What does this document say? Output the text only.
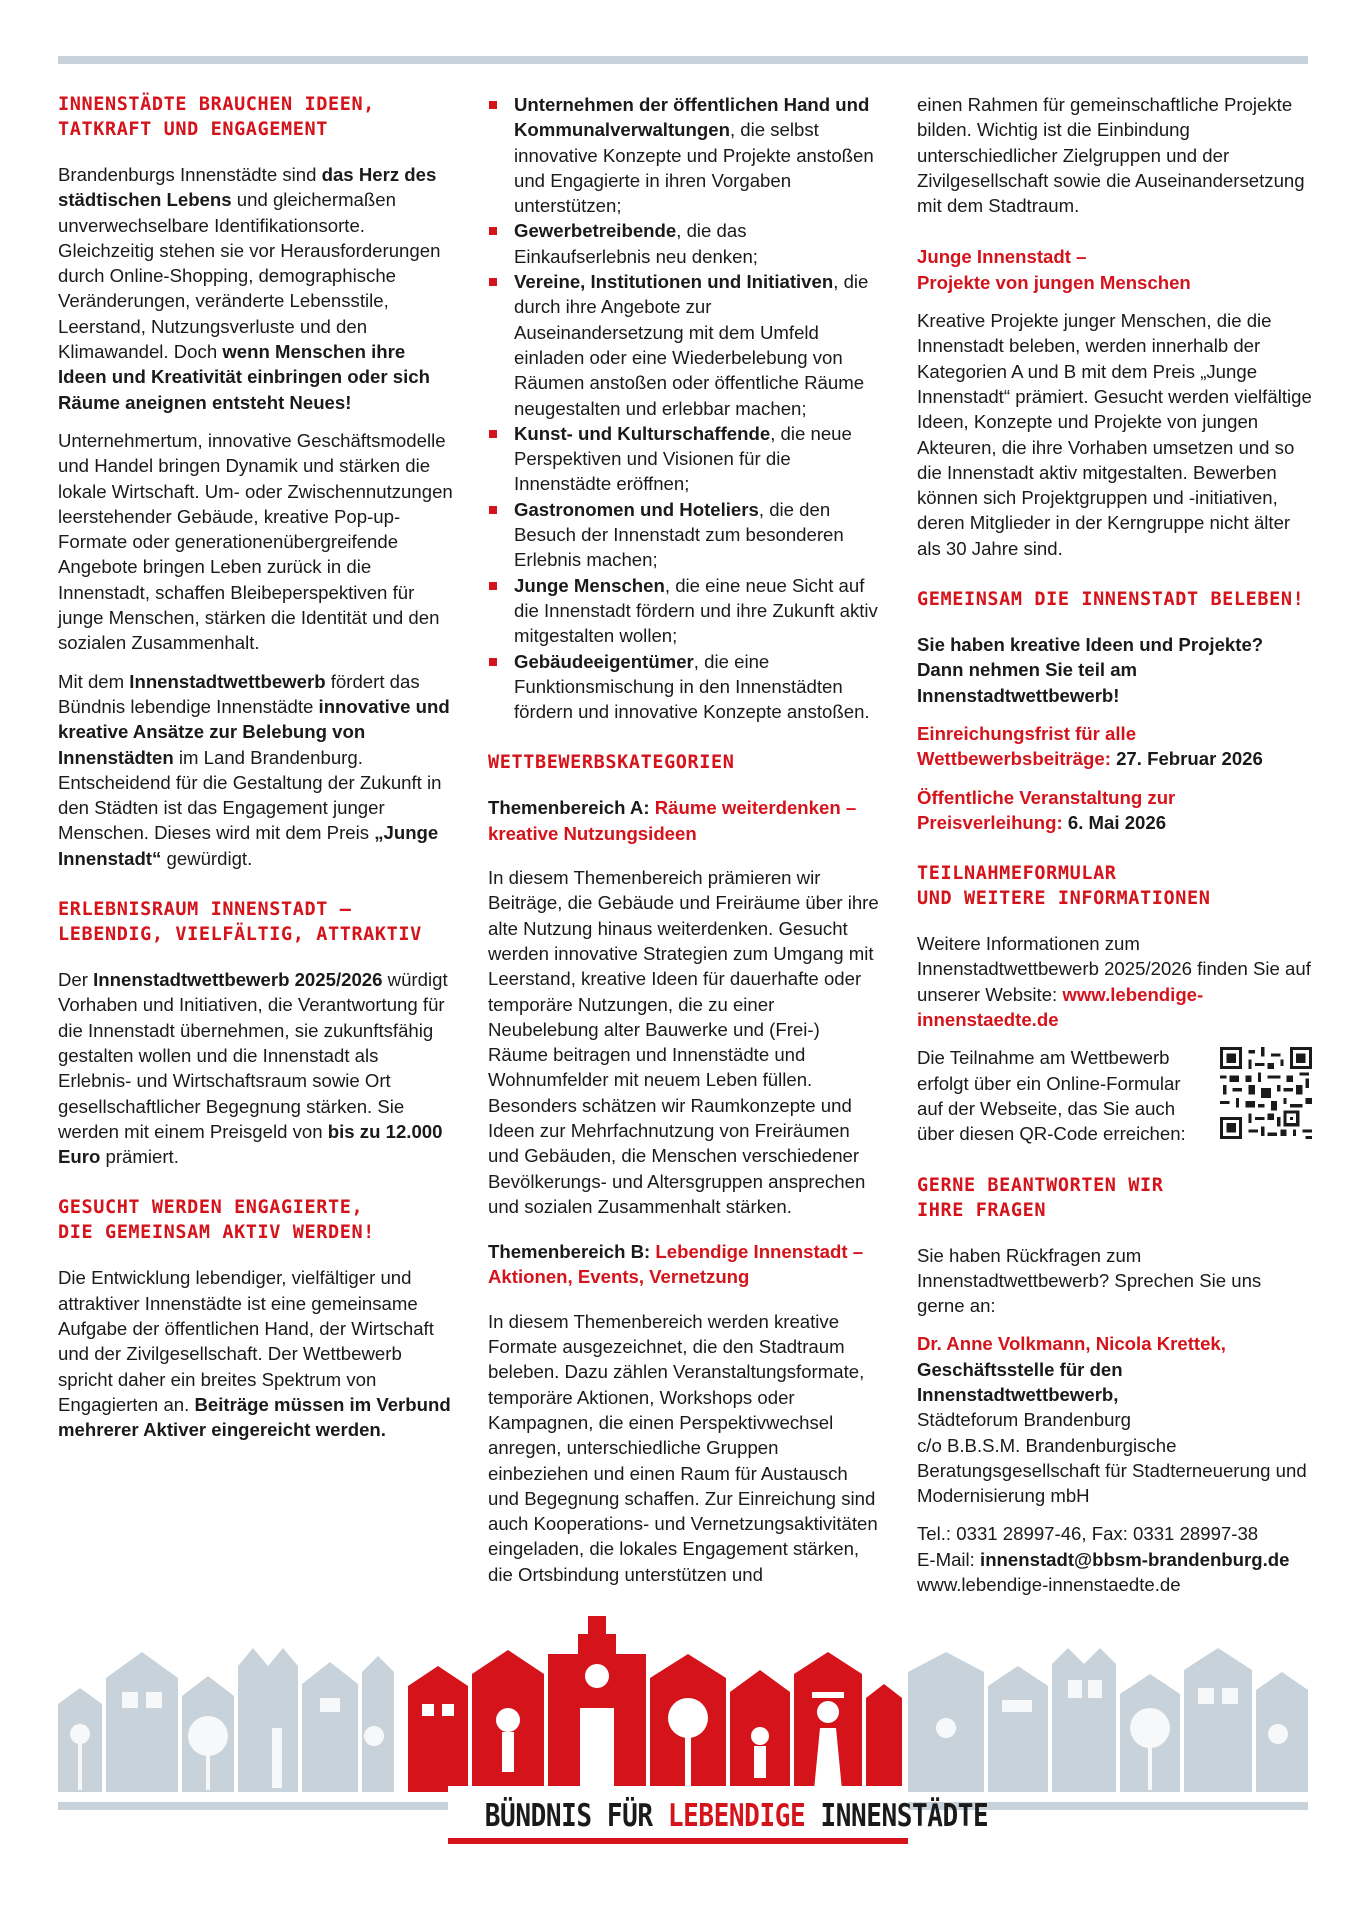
INNENSTÄDTE BRAUCHEN IDEEN,
TATKRAFT UND ENGAGEMENT

Brandenburgs Innenstädte sind das Herz des städtischen Lebens und gleichermaßen unverwechselbare Identifikationsorte. Gleichzeitig stehen sie vor Herausforderungen durch Online-Shopping, demographische Veränderungen, veränderte Lebensstile, Leerstand, Nutzungsverluste und den Klimawandel. Doch wenn Menschen ihre Ideen und Kreativität einbringen oder sich Räume aneignen entsteht Neues!

Unternehmertum, innovative Geschäftsmodelle und Handel bringen Dynamik und stärken die lokale Wirtschaft. Um- oder Zwischennutzungen leerstehender Gebäude, kreative Pop-up-Formate oder generationenübergreifende Angebote bringen Leben zurück in die Innenstadt, schaffen Bleibeperspektiven für junge Menschen, stärken die Identität und den sozialen Zusammenhalt.

Mit dem Innenstadtwettbewerb fördert das Bündnis lebendige Innenstädte innovative und kreative Ansätze zur Belebung von Innenstädten im Land Brandenburg. Entscheidend für die Gestaltung der Zukunft in den Städten ist das Engagement junger Menschen. Dieses wird mit dem Preis „Junge Innenstadt“ gewürdigt.

ERLEBNISRAUM INNENSTADT –
LEBENDIG, VIELFÄLTIG, ATTRAKTIV

Der Innenstadtwettbewerb 2025/2026 würdigt Vorhaben und Initiativen, die Verantwortung für die Innenstadt übernehmen, sie zukunftsfähig gestalten wollen und die Innenstadt als Erlebnis- und Wirtschaftsraum sowie Ort gesellschaftlicher Begegnung stärken. Sie werden mit einem Preisgeld von bis zu 12.000 Euro prämiert.

GESUCHT WERDEN ENGAGIERTE,
DIE GEMEINSAM AKTIV WERDEN!

Die Entwicklung lebendiger, vielfältiger und attraktiver Innenstädte ist eine gemeinsame Aufgabe der öffentlichen Hand, der Wirtschaft und der Zivilgesellschaft. Der Wettbewerb spricht daher ein breites Spektrum von Engagierten an. Beiträge müssen im Verbund mehrerer Aktiver eingereicht werden.

Unternehmen der öffentlichen Hand und Kommunalverwaltungen, die selbst innovative Konzepte und Projekte anstoßen und Engagierte in ihren Vorgaben unterstützen;
Gewerbetreibende, die das Einkaufserlebnis neu denken;
Vereine, Institutionen und Initiativen, die durch ihre Angebote zur Auseinandersetzung mit dem Umfeld einladen oder eine Wiederbelebung von Räumen anstoßen oder öffentliche Räume neugestalten und erlebbar machen;
Kunst- und Kulturschaffende, die neue Perspektiven und Visionen für die Innenstädte eröffnen;
Gastronomen und Hoteliers, die den Besuch der Innenstadt zum besonderen Erlebnis machen;
Junge Menschen, die eine neue Sicht auf die Innenstadt fördern und ihre Zukunft aktiv mitgestalten wollen;
Gebäudeeigentümer, die eine Funktionsmischung in den Innenstädten fördern und innovative Konzepte anstoßen.
WETTBEWERBSKATEGORIEN

Themenbereich A: Räume weiterdenken – kreative Nutzungsideen

In diesem Themenbereich prämieren wir Beiträge, die Gebäude und Freiräume über ihre alte Nutzung hinaus weiterdenken. Gesucht werden innovative Strategien zum Umgang mit Leerstand, kreative Ideen für dauerhafte oder temporäre Nutzungen, die zu einer Neubelebung alter Bauwerke und (Frei-) Räume beitragen und Innenstädte und Wohnumfelder mit neuem Leben füllen. Besonders schätzen wir Raumkonzepte und Ideen zur Mehrfachnutzung von Freiräumen und Gebäuden, die Menschen verschiedener Bevölkerungs- und Altersgruppen ansprechen und sozialen Zusammenhalt stärken.

Themenbereich B: Lebendige Innenstadt – Aktionen, Events, Vernetzung

In diesem Themenbereich werden kreative Formate ausgezeichnet, die den Stadtraum beleben. Dazu zählen Veranstaltungsformate, temporäre Aktionen, Workshops oder Kampagnen, die einen Perspektivwechsel anregen, unterschiedliche Gruppen einbeziehen und einen Raum für Austausch und Begegnung schaffen. Zur Einreichung sind auch Kooperations- und Vernetzungsaktivitäten eingeladen, die lokales Engagement stärken, die Ortsbindung unterstützen und

einen Rahmen für gemeinschaftliche Projekte bilden. Wichtig ist die Einbindung unterschiedlicher Zielgruppen und der Zivilgesellschaft sowie die Auseinandersetzung mit dem Stadtraum.

Junge Innenstadt –
Projekte von jungen Menschen

Kreative Projekte junger Menschen, die die Innenstadt beleben, werden innerhalb der Kategorien A und B mit dem Preis „Junge Innenstadt“ prämiert. Gesucht werden vielfältige Ideen, Konzepte und Projekte von jungen Akteuren, die ihre Vorhaben umsetzen und so die Innenstadt aktiv mitgestalten. Bewerben können sich Projektgruppen und -initiativen, deren Mitglieder in der Kerngruppe nicht älter als 30 Jahre sind.

GEMEINSAM DIE INNENSTADT BELEBEN!

Sie haben kreative Ideen und Projekte? Dann nehmen Sie teil am Innenstadtwettbewerb!

Einreichungsfrist für alle Wettbewerbsbeiträge: 27. Februar 2026

Öffentliche Veranstaltung zur Preisverleihung: 6. Mai 2026

TEILNAHMEFORMULAR
UND WEITERE INFORMATIONEN

Weitere Informationen zum Innenstadtwettbewerb 2025/2026 finden Sie auf unserer Website: www.lebendige-innenstaedte.de

Die Teilnahme am Wettbewerb erfolgt über ein Online-Formular auf der Webseite, das Sie auch über diesen QR-Code erreichen:

GERNE BEANTWORTEN WIR
IHRE FRAGEN

Sie haben Rückfragen zum Innenstadtwettbewerb? Sprechen Sie uns gerne an:

Dr. Anne Volkmann, Nicola Krettek,
Geschäftsstelle für den Innenstadtwettbewerb,
Städteforum Brandenburg
c/o B.B.S.M. Brandenburgische Beratungsgesellschaft für Stadterneuerung und Modernisierung mbH

Tel.: 0331 28997-46, Fax: 0331 28997-38
E-Mail: innenstadt@bbsm-brandenburg.de
www.lebendige-innenstaedte.de

BÜNDNIS FÜR LEBENDIGE INNENSTÄDTE
